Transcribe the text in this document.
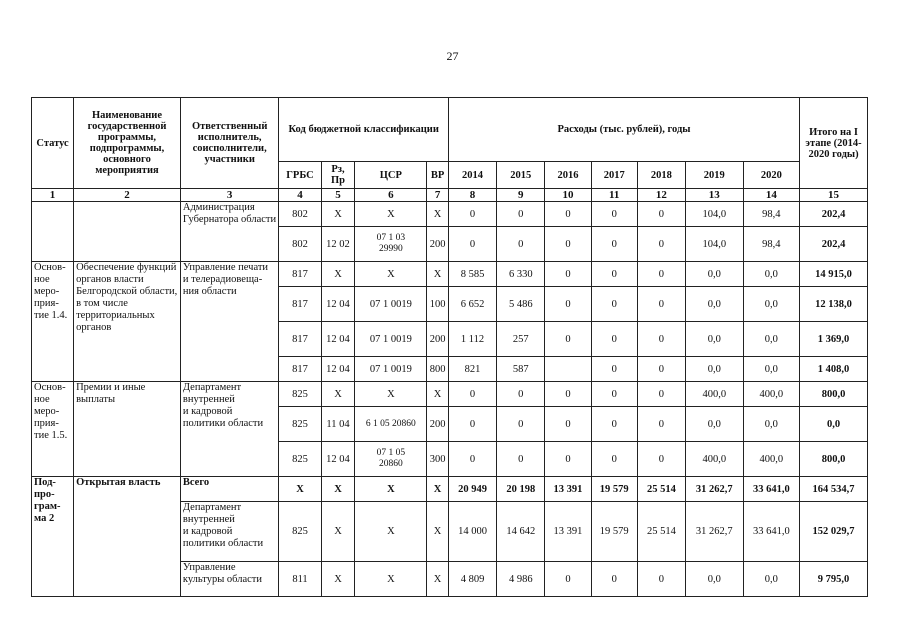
27
Статус	Наименование государственной программы, подпрограммы, основного мероприятия	Ответственный исполнитель, соисполнители, участники	Код бюджетной классификации				Расходы (тыс. рублей), годы							Итого на I этапе (2014-2020 годы)
			ГРБС	Рз, Пр	ЦСР	ВР	2014	2015	2016	2017	2018	2019	2020	
1	2	3	4	5	6	7	8	9	10	11	12	13	14	15
		Администрация Губернатора области	802	Х	Х	Х	0	0	0	0	0	104,0	98,4	202,4
			802	12 02	07 1 03
29990	200	0	0	0	0	0	104,0	98,4	202,4
Основ-
ное
меро-
прия-
тие 1.4.	Обеспечение функций органов власти Белгородской области, в том числе территориальных органов	Управление печати
и телерадиовеща-
ния области	817	Х	Х	Х	8 585	6 330	0	0	0	0,0	0,0	14 915,0
			817	12 04	07 1 0019	100	6 652	5 486	0	0	0	0,0	0,0	12 138,0
			817	12 04	07 1 0019	200	1 112	257	0	0	0	0,0	0,0	1 369,0
			817	12 04	07 1 0019	800	821	587		0	0	0,0	0,0	1 408,0
Основ-
ное
меро-
прия-
тие 1.5.	Премии и иные выплаты	Департамент внутренней
и кадровой политики области	825	Х	Х	Х	0	0	0	0	0	400,0	400,0	800,0
			825	11 04	6 1 05 20860	200	0	0	0	0	0	0,0	0,0	0,0
			825	12 04	07 1 05
20860	300	0	0	0	0	0	400,0	400,0	800,0
Под-
про-
грам-
ма 2	Открытая власть	Всего	Х	Х	Х	Х	20 949	20 198	13 391	19 579	25 514	31 262,7	33 641,0	164 534,7
		Департамент внутренней
и кадровой политики области	825	Х	Х	Х	14 000	14 642	13 391	19 579	25 514	31 262,7	33 641,0	152 029,7
		Управление культуры области	811	Х	Х	Х	4 809	4 986	0	0	0	0,0	0,0	9 795,0
